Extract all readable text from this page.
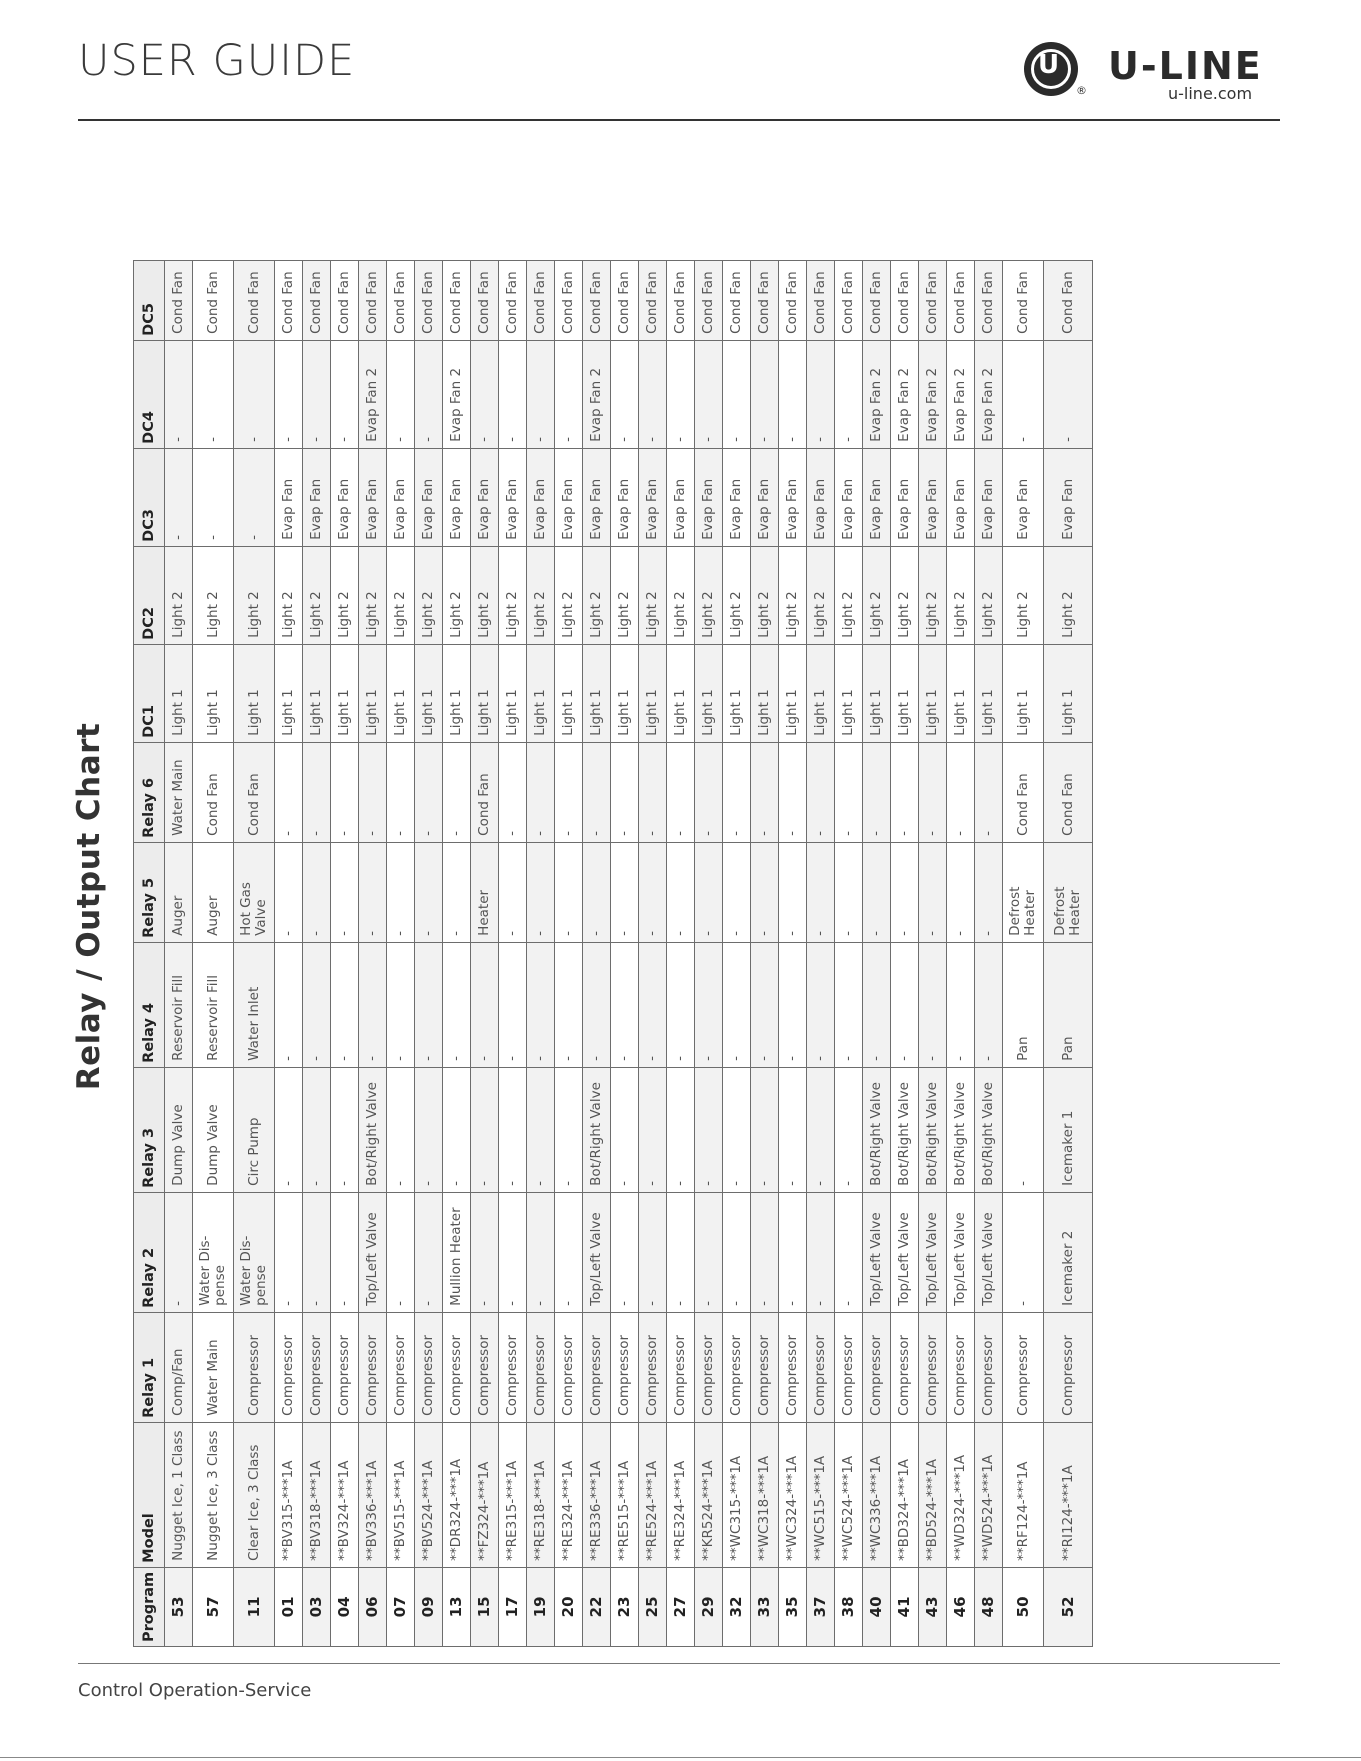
USER GUIDE	U
®
U-LINE
u-line.com
Relay / Output Chart
Program	Model	Relay 1	Relay 2	Relay 3	Relay 4	Relay 5	Relay 6	DC1	DC2	DC3	DC4	DC5
53	Nugget Ice, 1 Class	Comp/Fan	-	Dump Valve	Reservoir Fill	Auger	Water Main	Light 1	Light 2	-	-	Cond Fan
57	Nugget Ice, 3 Class	Water Main	Water Dis-pense	Dump Valve	Reservoir Fill	Auger	Cond Fan	Light 1	Light 2	-	-	Cond Fan
11	Clear Ice, 3 Class	Compressor	Water Dis-pense	Circ Pump	Water Inlet	Hot Gas Valve	Cond Fan	Light 1	Light 2	-	-	Cond Fan
01	**BV315-***1A	Compressor	-	-	-	-	-	Light 1	Light 2	Evap Fan	-	Cond Fan
03	**BV318-***1A	Compressor	-	-	-	-	-	Light 1	Light 2	Evap Fan	-	Cond Fan
04	**BV324-***1A	Compressor	-	-	-	-	-	Light 1	Light 2	Evap Fan	-	Cond Fan
06	**BV336-***1A	Compressor	Top/Left Valve	Bot/Right Valve	-	-	-	Light 1	Light 2	Evap Fan	Evap Fan 2	Cond Fan
07	**BV515-***1A	Compressor	-	-	-	-	-	Light 1	Light 2	Evap Fan	-	Cond Fan
09	**BV524-***1A	Compressor	-	-	-	-	-	Light 1	Light 2	Evap Fan	-	Cond Fan
13	**DR324-***1A	Compressor	Mullion Heater	-	-	-	-	Light 1	Light 2	Evap Fan	Evap Fan 2	Cond Fan
15	**FZ324-***1A	Compressor	-	-	-	Heater	Cond Fan	Light 1	Light 2	Evap Fan	-	Cond Fan
17	**RE315-***1A	Compressor	-	-	-	-	-	Light 1	Light 2	Evap Fan	-	Cond Fan
19	**RE318-***1A	Compressor	-	-	-	-	-	Light 1	Light 2	Evap Fan	-	Cond Fan
20	**RE324-***1A	Compressor	-	-	-	-	-	Light 1	Light 2	Evap Fan	-	Cond Fan
22	**RE336-***1A	Compressor	Top/Left Valve	Bot/Right Valve	-	-	-	Light 1	Light 2	Evap Fan	Evap Fan 2	Cond Fan
23	**RE515-***1A	Compressor	-	-	-	-	-	Light 1	Light 2	Evap Fan	-	Cond Fan
25	**RE524-***1A	Compressor	-	-	-	-	-	Light 1	Light 2	Evap Fan	-	Cond Fan
27	**RE324-***1A	Compressor	-	-	-	-	-	Light 1	Light 2	Evap Fan	-	Cond Fan
29	**KR524-***1A	Compressor	-	-	-	-	-	Light 1	Light 2	Evap Fan	-	Cond Fan
32	**WC315-***1A	Compressor	-	-	-	-	-	Light 1	Light 2	Evap Fan	-	Cond Fan
33	**WC318-***1A	Compressor	-	-	-	-	-	Light 1	Light 2	Evap Fan	-	Cond Fan
35	**WC324-***1A	Compressor	-	-	-	-	-	Light 1	Light 2	Evap Fan	-	Cond Fan
37	**WC515-***1A	Compressor	-	-	-	-	-	Light 1	Light 2	Evap Fan	-	Cond Fan
38	**WC524-***1A	Compressor	-	-	-	-	-	Light 1	Light 2	Evap Fan	-	Cond Fan
40	**WC336-***1A	Compressor	Top/Left Valve	Bot/Right Valve	-	-	-	Light 1	Light 2	Evap Fan	Evap Fan 2	Cond Fan
41	**BD324-***1A	Compressor	Top/Left Valve	Bot/Right Valve	-	-	-	Light 1	Light 2	Evap Fan	Evap Fan 2	Cond Fan
43	**BD524-***1A	Compressor	Top/Left Valve	Bot/Right Valve	-	-	-	Light 1	Light 2	Evap Fan	Evap Fan 2	Cond Fan
46	**WD324-***1A	Compressor	Top/Left Valve	Bot/Right Valve	-	-	-	Light 1	Light 2	Evap Fan	Evap Fan 2	Cond Fan
48	**WD524-***1A	Compressor	Top/Left Valve	Bot/Right Valve	-	-	-	Light 1	Light 2	Evap Fan	Evap Fan 2	Cond Fan
50	**RF124-***1A	Compressor	-	-	Pan	Defrost Heater	Cond Fan	Light 1	Light 2	Evap Fan	-	Cond Fan
52	**RI124-***1A	Compressor	Icemaker 2	Icemaker 1	Pan	Defrost Heater	Cond Fan	Light 1	Light 2	Evap Fan	-	Cond Fan
Control Operation-Service
